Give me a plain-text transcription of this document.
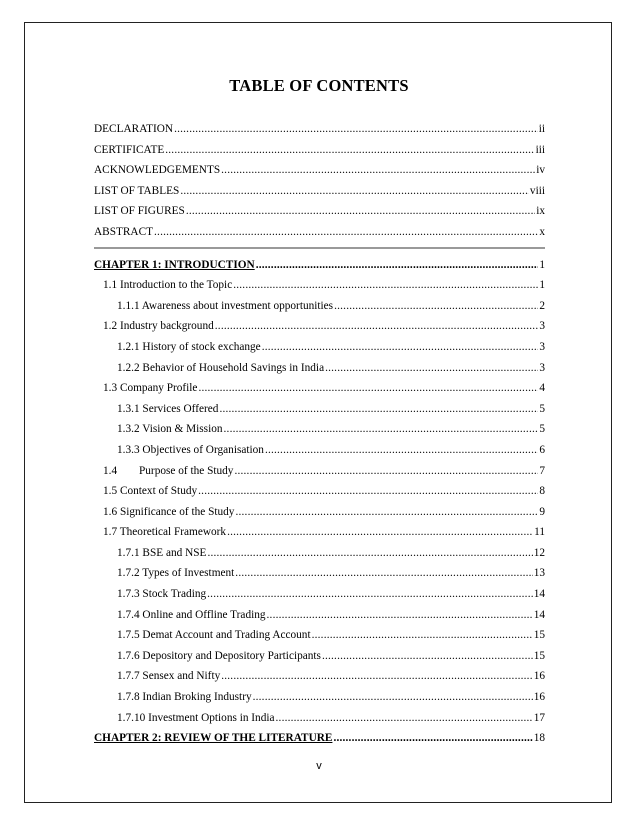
TABLE OF CONTENTS
DECLARATION .....	ii
CERTIFICATE .....	iii
ACKNOWLEDGEMENTS .....	iv
LIST OF TABLES .....	viii
LIST OF FIGURES .....	ix
ABSTRACT .....	x
CHAPTER 1: INTRODUCTION .....	1
1.1 Introduction to the Topic .....	1
1.1.1 Awareness about investment opportunities .....	2
1.2 Industry background .....	3
1.2.1 History of stock exchange .....	3
1.2.2 Behavior of Household Savings in India .....	3
1.3 Company Profile .....	4
1.3.1 Services Offered .....	5
1.3.2 Vision & Mission .....	5
1.3.3 Objectives of Organisation .....	6
1.4 Purpose of the Study .....	7
1.5 Context of Study .....	8
1.6 Significance of the Study .....	9
1.7 Theoretical Framework .....	11
1.7.1 BSE and NSE .....	12
1.7.2 Types of Investment .....	13
1.7.3 Stock Trading .....	14
1.7.4 Online and Offline Trading .....	14
1.7.5 Demat Account and Trading Account .....	15
1.7.6 Depository and Depository Participants .....	15
1.7.7 Sensex and Nifty .....	16
1.7.8 Indian Broking Industry .....	16
1.7.10 Investment Options in India .....	17
CHAPTER 2: REVIEW OF THE LITERATURE .....	18
v
